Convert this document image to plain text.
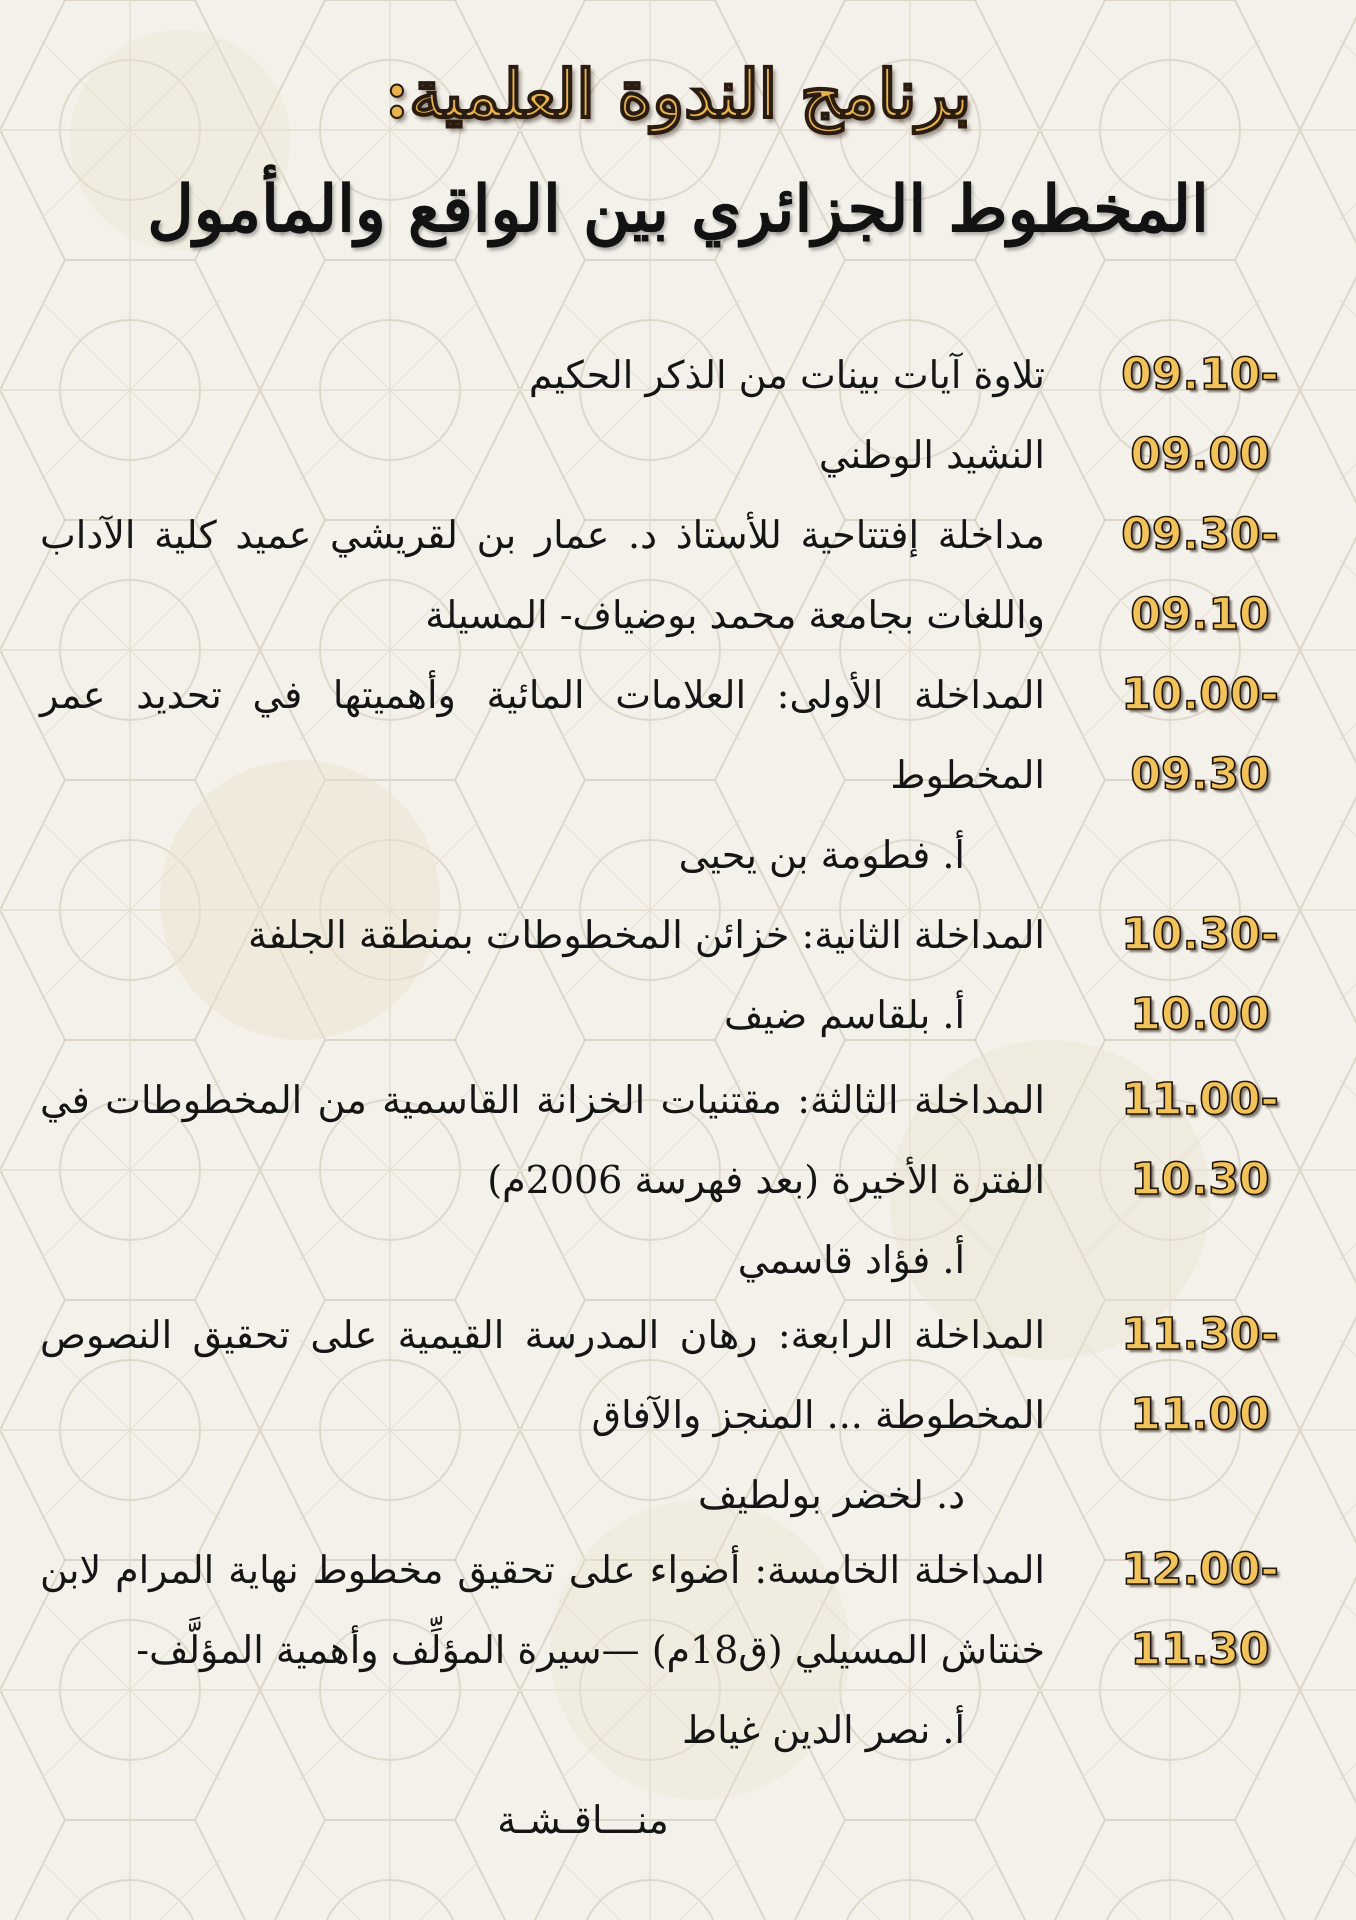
برنامج الندوة العلمية:
المخطوط الجزائري بين الواقع والمأمول
09.10-09.00
تلاوة آيات بينات من الذكر الحكيم
النشيد الوطني
09.30-09.10
مداخلة إفتتاحية للأستاذ د. عمار بن لقريشي عميد كلية الآداب واللغات بجامعة محمد بوضياف- المسيلة
10.00-09.30
المداخلة الأولى: العلامات المائية وأهميتها في تحديد عمر المخطوط
أ. فطومة بن يحيى
10.30-10.00
المداخلة الثانية: خزائن المخطوطات بمنطقة الجلفة
أ. بلقاسم ضيف
11.00-10.30
المداخلة الثالثة: مقتنيات الخزانة القاسمية من المخطوطات في الفترة الأخيرة (بعد فهرسة 2006م)
أ. فؤاد قاسمي
11.30-11.00
المداخلة الرابعة: رهان المدرسة القيمية على تحقيق النصوص المخطوطة ... المنجز والآفاق
د. لخضر بولطيف
12.00-11.30
المداخلة الخامسة: أضواء على تحقيق مخطوط نهاية المرام لابن خنتاش المسيلي (ق18م) —سيرة المؤلِّف وأهمية المؤلَّف-
أ. نصر الدين غياط
منـــاقـشـة
